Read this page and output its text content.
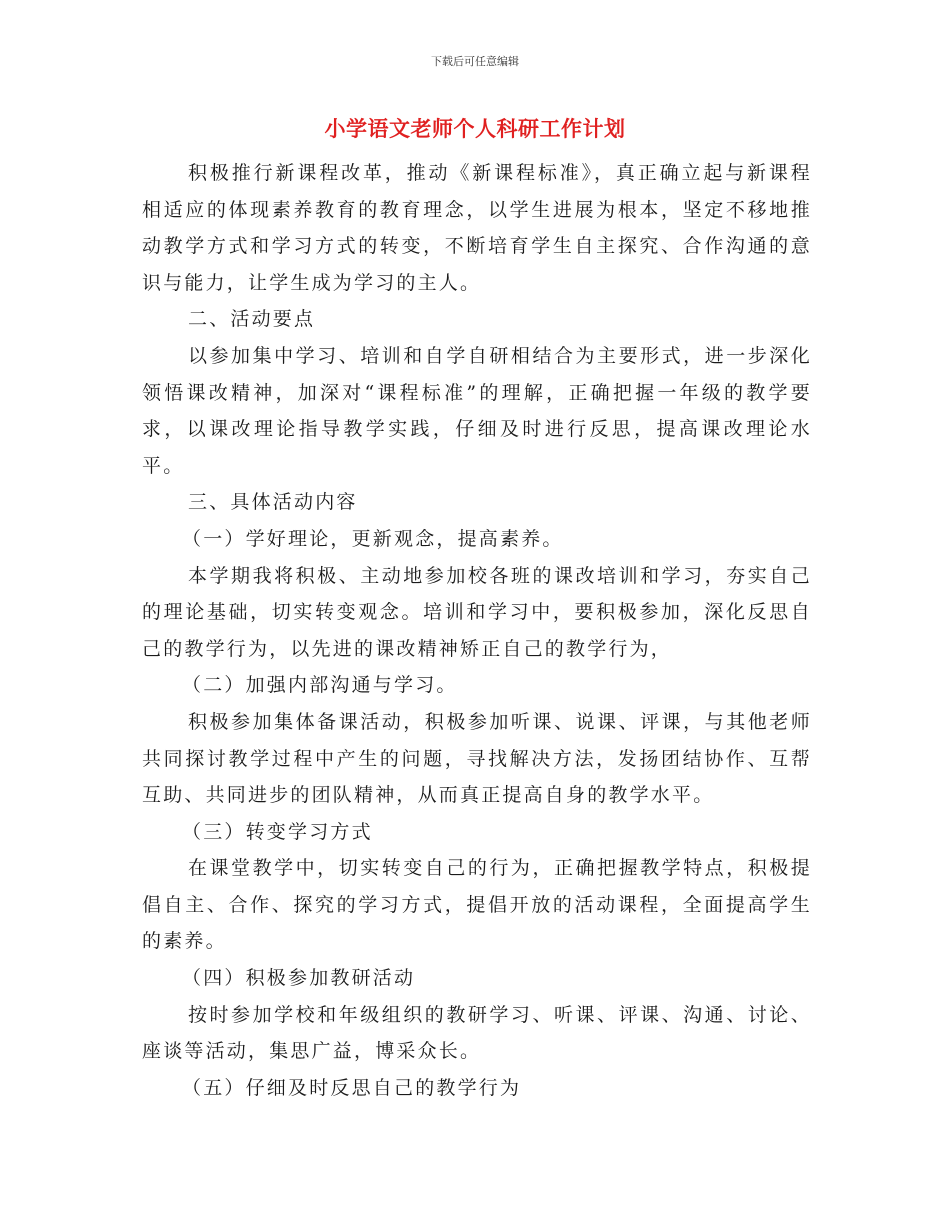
下载后可任意编辑
小学语文老师个人科研工作计划

积极推行新课程改革，推动《新课程标准》，真正确立起与新课程相适应的体现素养教育的教育理念，以学生进展为根本，坚定不移地推动教学方式和学习方式的转变，不断培育学生自主探究、合作沟通的意识与能力，让学生成为学习的主人。

二、活动要点

以参加集中学习、培训和自学自研相结合为主要形式，进一步深化领悟课改精神，加深对“课程标准”的理解，正确把握一年级的教学要求，以课改理论指导教学实践，仔细及时进行反思，提高课改理论水平。

三、具体活动内容

（一）学好理论，更新观念，提高素养。

本学期我将积极、主动地参加校各班的课改培训和学习，夯实自己的理论基础，切实转变观念。培训和学习中，要积极参加，深化反思自己的教学行为，以先进的课改精神矫正自己的教学行为，

（二）加强内部沟通与学习。

积极参加集体备课活动，积极参加听课、说课、评课，与其他老师共同探讨教学过程中产生的问题，寻找解决方法，发扬团结协作、互帮互助、共同进步的团队精神，从而真正提高自身的教学水平。

（三）转变学习方式

在课堂教学中，切实转变自己的行为，正确把握教学特点，积极提倡自主、合作、探究的学习方式，提倡开放的活动课程，全面提高学生的素养。

（四）积极参加教研活动

按时参加学校和年级组织的教研学习、听课、评课、沟通、讨论、座谈等活动，集思广益，博采众长。

（五）仔细及时反思自己的教学行为
